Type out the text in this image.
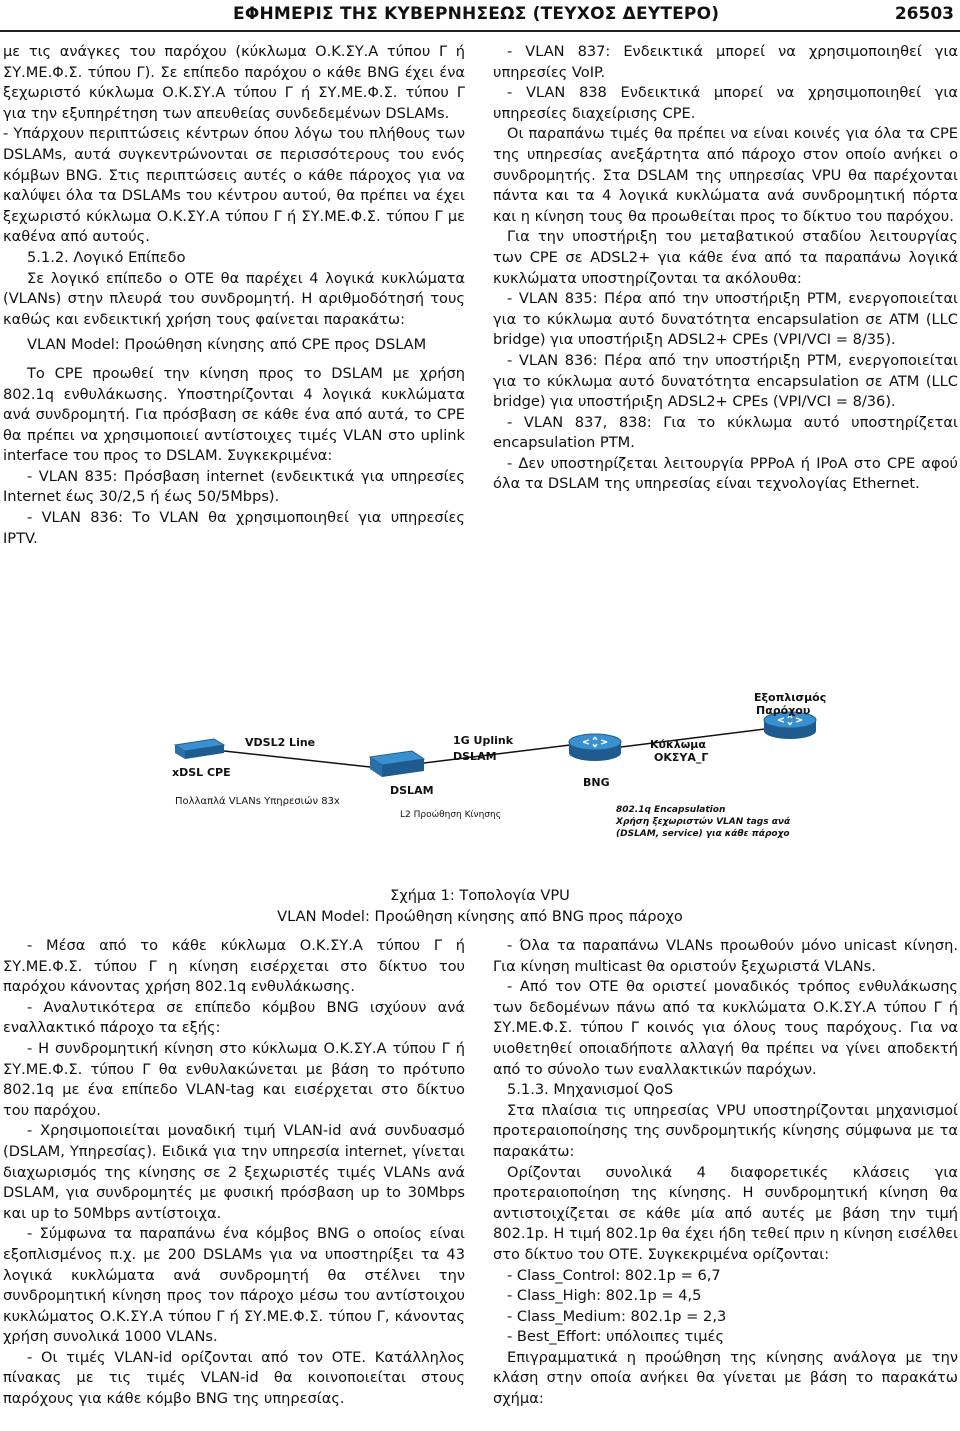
ΕΦΗΜΕΡΙΣ ΤΗΣ ΚΥΒΕΡΝΗΣΕΩΣ (ΤΕΥΧΟΣ ΔΕΥΤΕΡΟ)	26503

με τις ανάγκες του παρόχου (κύκλωμα Ο.Κ.ΣΥ.Α τύπου Γ ή ΣΥ.ΜΕ.Φ.Σ. τύπου Γ). Σε επίπεδο παρόχου ο κάθε BNG έχει ένα ξεχωριστό κύκλωμα Ο.Κ.ΣΥ.Α τύπου Γ ή ΣΥ.ΜΕ.Φ.Σ. τύπου Γ για την εξυπηρέτηση των απευθείας συνδεδεμένων DSLAMs.

- Υπάρχουν περιπτώσεις κέντρων όπου λόγω του πλήθους των DSLAMs, αυτά συγκεντρώνονται σε περισσότερους του ενός κόμβων BNG. Στις περιπτώσεις αυτές ο κάθε πάροχος για να καλύψει όλα τα DSLAMs του κέντρου αυτού, θα πρέπει να έχει ξεχωριστό κύκλωμα Ο.Κ.ΣΥ.Α τύπου Γ ή ΣΥ.ΜΕ.Φ.Σ. τύπου Γ με καθένα από αυτούς.

5.1.2. Λογικό Επίπεδο

Σε λογικό επίπεδο ο ΟΤΕ θα παρέχει 4 λογικά κυκλώματα (VLANs) στην πλευρά του συνδρομητή. Η αριθμοδότησή τους καθώς και ενδεικτική χρήση τους φαίνεται παρακάτω:

VLAN Model: Προώθηση κίνησης από CPE προς DSLAM

Το CPE προωθεί την κίνηση προς το DSLAM με χρήση 802.1q ενθυλάκωσης. Υποστηρίζονται 4 λογικά κυκλώματα ανά συνδρομητή. Για πρόσβαση σε κάθε ένα από αυτά, το CPE θα πρέπει να χρησιμοποιεί αντίστοιχες τιμές VLAN στο uplink interface του προς το DSLAM. Συγκεκριμένα:

- VLAN 835: Πρόσβαση internet (ενδεικτικά για υπηρεσίες Internet έως 30/2,5 ή έως 50/5Mbps).

- VLAN 836: Το VLAN θα χρησιμοποιηθεί για υπηρεσίες IPTV.

- VLAN 837: Ενδεικτικά μπορεί να χρησιμοποιηθεί για υπηρεσίες VoIP.

- VLAN 838 Ενδεικτικά μπορεί να χρησιμοποιηθεί για υπηρεσίες διαχείρισης CPE.

Οι παραπάνω τιμές θα πρέπει να είναι κοινές για όλα τα CPE της υπηρεσίας ανεξάρτητα από πάροχο στον οποίο ανήκει ο συνδρομητής. Στα DSLAM της υπηρεσίας VPU θα παρέχονται πάντα και τα 4 λογικά κυκλώματα ανά συνδρομητική πόρτα και η κίνηση τους θα προωθείται προς το δίκτυο του παρόχου.

Για την υποστήριξη του μεταβατικού σταδίου λειτουργίας των CPE σε ADSL2+ για κάθε ένα από τα παραπάνω λογικά κυκλώματα υποστηρίζονται τα ακόλουθα:

- VLAN 835: Πέρα από την υποστήριξη PTM, ενεργοποιείται για το κύκλωμα αυτό δυνατότητα encapsulation σε ATM (LLC bridge) για υποστήριξη ADSL2+ CPEs (VPI/VCI = 8/35).

- VLAN 836: Πέρα από την υποστήριξη PTM, ενεργοποιείται για το κύκλωμα αυτό δυνατότητα encapsulation σε ATM (LLC bridge) για υποστήριξη ADSL2+ CPEs (VPI/VCI = 8/36).

- VLAN 837, 838: Για το κύκλωμα αυτό υποστηρίζεται encapsulation PTM.

- Δεν υποστηρίζεται λειτουργία PPPoA ή IPoA στο CPE αφού όλα τα DSLAM της υπηρεσίας είναι τεχνολογίας Ethernet.

VDSL2 Line
xDSL CPE
Πολλαπλά VLANs Υπηρεσιών 83x
DSLAM
L2 Προώθηση Κίνησης
1G Uplink
DSLAM
BNG
Κύκλωμα
ΟΚΣΥΑ_Γ
Εξοπλισμός
Παρόχου
802.1q Encapsulation
Χρήση ξεχωριστών VLAN tags ανά
(DSLAM, service) για κάθε πάροχο
Σχήμα 1: Τοπολογία VPU
VLAN Model: Προώθηση κίνησης από BNG προς πάροχο

- Μέσα από το κάθε κύκλωμα Ο.Κ.ΣΥ.Α τύπου Γ ή ΣΥ.ΜΕ.Φ.Σ. τύπου Γ η κίνηση εισέρχεται στο δίκτυο του παρόχου κάνοντας χρήση 802.1q ενθυλάκωσης.

- Αναλυτικότερα σε επίπεδο κόμβου BNG ισχύουν ανά εναλλακτικό πάροχο τα εξής:

- Η συνδρομητική κίνηση στο κύκλωμα Ο.Κ.ΣΥ.Α τύπου Γ ή ΣΥ.ΜΕ.Φ.Σ. τύπου Γ θα ενθυλακώνεται με βάση το πρότυπο 802.1q με ένα επίπεδο VLAN-tag και εισέρχεται στο δίκτυο του παρόχου.

- Χρησιμοποιείται μοναδική τιμή VLAN-id ανά συνδυασμό (DSLAM, Υπηρεσίας). Ειδικά για την υπηρεσία internet, γίνεται διαχωρισμός της κίνησης σε 2 ξεχωριστές τιμές VLANs ανά DSLAM, για συνδρομητές με φυσική πρόσβαση up to 30Mbps και up to 50Mbps αντίστοιχα.

- Σύμφωνα τα παραπάνω ένα κόμβος BNG ο οποίος είναι εξοπλισμένος π.χ. με 200 DSLAMs για να υποστηρίξει τα 43 λογικά κυκλώματα ανά συνδρομητή θα στέλνει την συνδρομητική κίνηση προς τον πάροχο μέσω του αντίστοιχου κυκλώματος Ο.Κ.ΣΥ.Α τύπου Γ ή ΣΥ.ΜΕ.Φ.Σ. τύπου Γ, κάνοντας χρήση συνολικά 1000 VLANs.

- Οι τιμές VLAN-id ορίζονται από τον ΟΤΕ. Κατάλληλος πίνακας με τις τιμές VLAN-id θα κοινοποιείται στους παρόχους για κάθε κόμβο BNG της υπηρεσίας.

- Όλα τα παραπάνω VLANs προωθούν μόνο unicast κίνηση. Για κίνηση multicast θα οριστούν ξεχωριστά VLANs.

- Από τον ΟΤΕ θα οριστεί μοναδικός τρόπος ενθυλάκωσης των δεδομένων πάνω από τα κυκλώματα Ο.Κ.ΣΥ.Α τύπου Γ ή ΣΥ.ΜΕ.Φ.Σ. τύπου Γ κοινός για όλους τους παρόχους. Για να υιοθετηθεί οποιαδήποτε αλλαγή θα πρέπει να γίνει αποδεκτή από το σύνολο των εναλλακτικών παρόχων.

5.1.3. Μηχανισμοί QoS

Στα πλαίσια τις υπηρεσίας VPU υποστηρίζονται μηχανισμοί προτεραιοποίησης της συνδρομητικής κίνησης σύμφωνα με τα παρακάτω:

Ορίζονται συνολικά 4 διαφορετικές κλάσεις για προτεραιοποίηση της κίνησης. Η συνδρομητική κίνηση θα αντιστοιχίζεται σε κάθε μία από αυτές με βάση την τιμή 802.1p. Η τιμή 802.1p θα έχει ήδη τεθεί πριν η κίνηση εισέλθει στο δίκτυο του ΟΤΕ. Συγκεκριμένα ορίζονται:

- Class_Control: 802.1p = 6,7

- Class_High: 802.1p = 4,5

- Class_Medium: 802.1p = 2,3

- Best_Effort: υπόλοιπες τιμές

Επιγραμματικά η προώθηση της κίνησης ανάλογα με την κλάση στην οποία ανήκει θα γίνεται με βάση το παρακάτω σχήμα:
